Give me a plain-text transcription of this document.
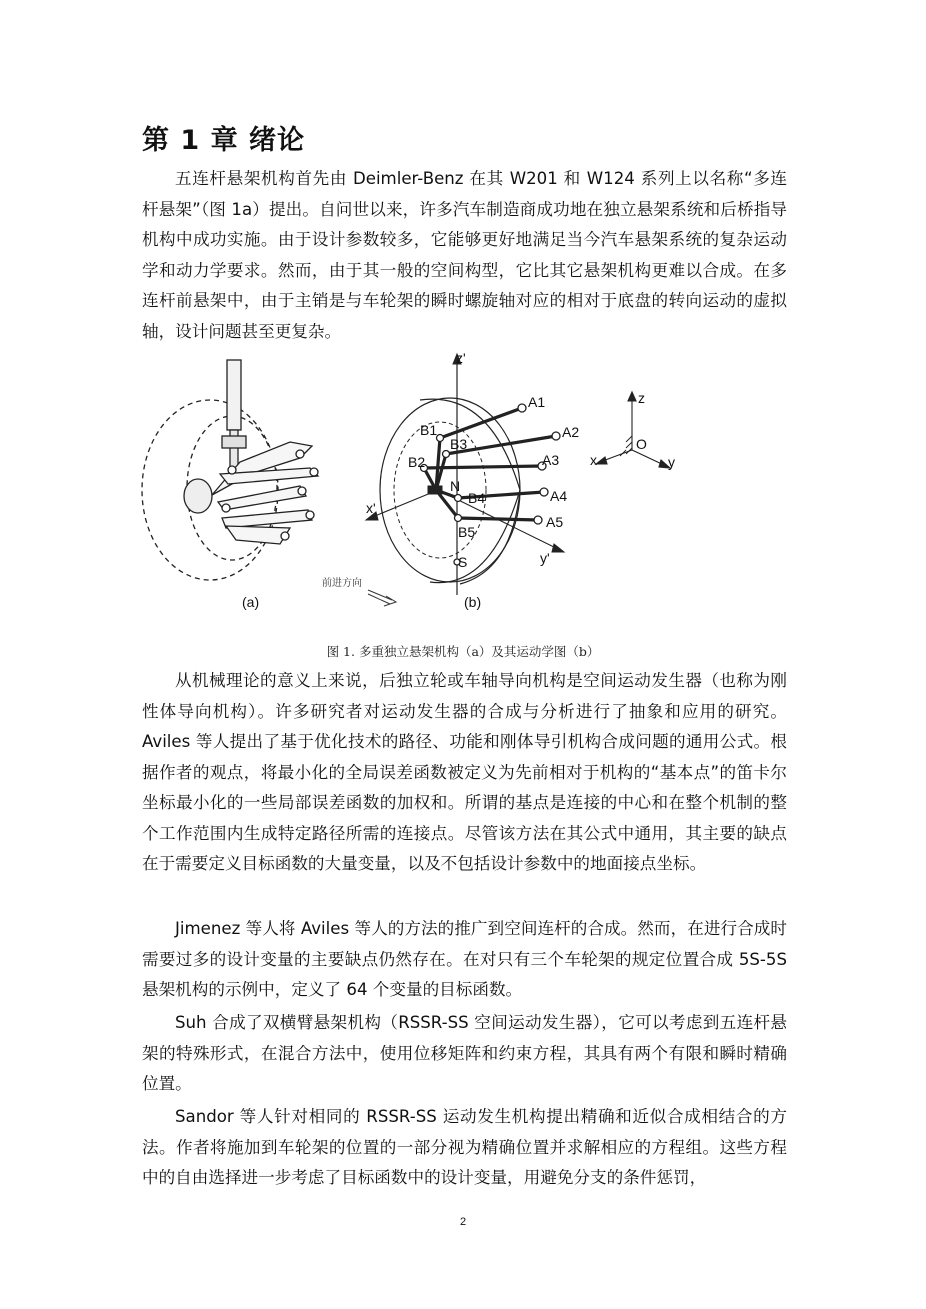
第 1 章 绪论

五连杆悬架机构首先由 Deimler-Benz 在其 W201 和 W124 系列上以名称“多连杆悬架”（图 1a）提出。自问世以来，许多汽车制造商成功地在独立悬架系统和后桥指导机构中成功实施。由于设计参数较多，它能够更好地满足当今汽车悬架系统的复杂运动学和动力学要求。然而，由于其一般的空间构型，它比其它悬架机构更难以合成。在多连杆前悬架中，由于主销是与车轮架的瞬时螺旋轴对应的相对于底盘的转向运动的虚拟轴，设计问题甚至更复杂。

z'
x'
y'
A1
A2
A3
A4
A5
B1
B3
B2
N
B4
B5
S
z
O
x	y
前进方向
(a)	(b)
图 1. 多重独立悬架机构（a）及其运动学图（b）

从机械理论的意义上来说，后独立轮或车轴导向机构是空间运动发生器（也称为刚性体导向机构）。许多研究者对运动发生器的合成与分析进行了抽象和应用的研究。Aviles 等人提出了基于优化技术的路径、功能和刚体导引机构合成问题的通用公式。根据作者的观点，将最小化的全局误差函数被定义为先前相对于机构的“基本点”的笛卡尔坐标最小化的一些局部误差函数的加权和。所谓的基点是连接的中心和在整个机制的整个工作范围内生成特定路径所需的连接点。尽管该方法在其公式中通用，其主要的缺点在于需要定义目标函数的大量变量，以及不包括设计参数中的地面接点坐标。

Jimenez 等人将 Aviles 等人的方法的推广到空间连杆的合成。然而，在进行合成时需要过多的设计变量的主要缺点仍然存在。在对只有三个车轮架的规定位置合成 5S-5S 悬架机构的示例中，定义了 64 个变量的目标函数。

Suh 合成了双横臂悬架机构（RSSR-SS 空间运动发生器），它可以考虑到五连杆悬架的特殊形式，在混合方法中，使用位移矩阵和约束方程，其具有两个有限和瞬时精确位置。

Sandor 等人针对相同的 RSSR-SS 运动发生机构提出精确和近似合成相结合的方法。作者将施加到车轮架的位置的一部分视为精确位置并求解相应的方程组。这些方程中的自由选择进一步考虑了目标函数中的设计变量，用避免分支的条件惩罚，

2
